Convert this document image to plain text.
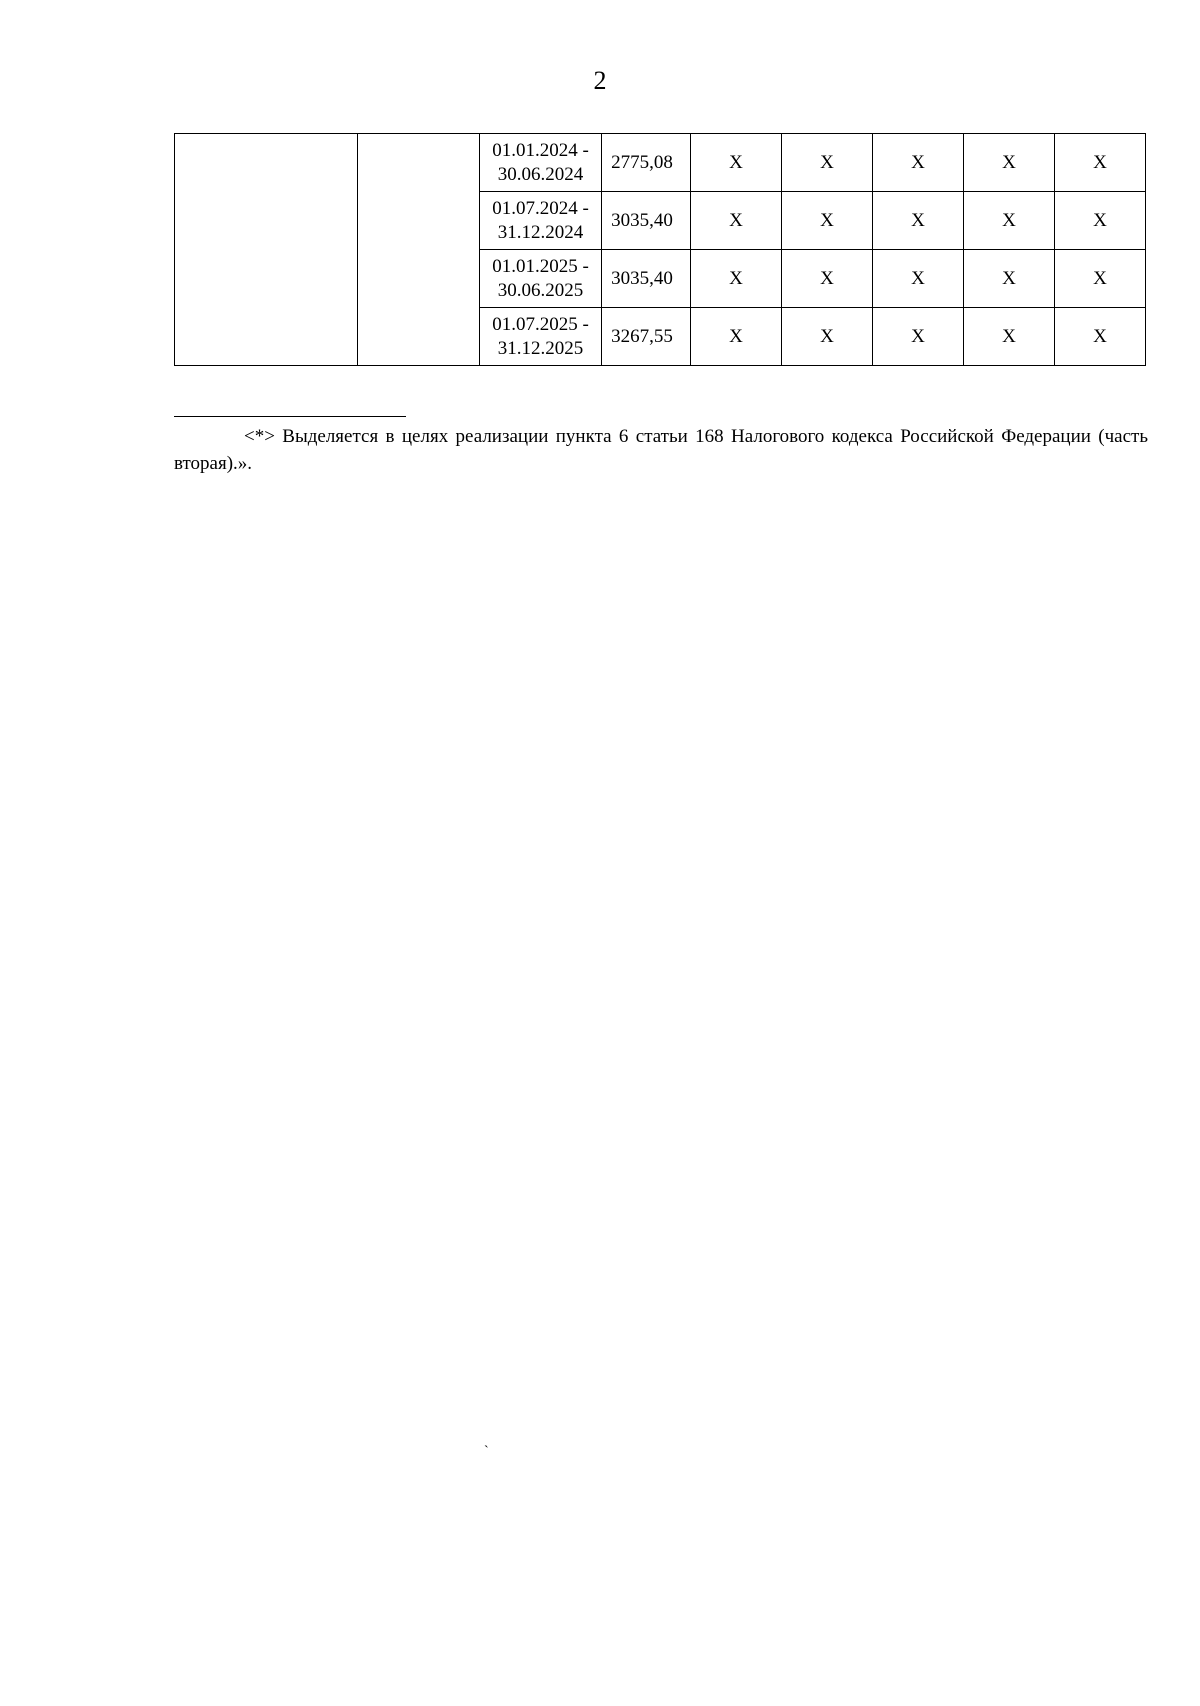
2
		01.01.2024 -
30.06.2024	2775,08	X	X	X	X	X
		01.07.2024 -
31.12.2024	3035,40	X	X	X	X	X
		01.01.2025 -
30.06.2025	3035,40	X	X	X	X	X
		01.07.2025 -
31.12.2025	3267,55	X	X	X	X	X
<*> Выделяется в целях реализации пункта 6 статьи 168 Налогового кодекса Российской Федерации (часть вторая).».
ˋ
